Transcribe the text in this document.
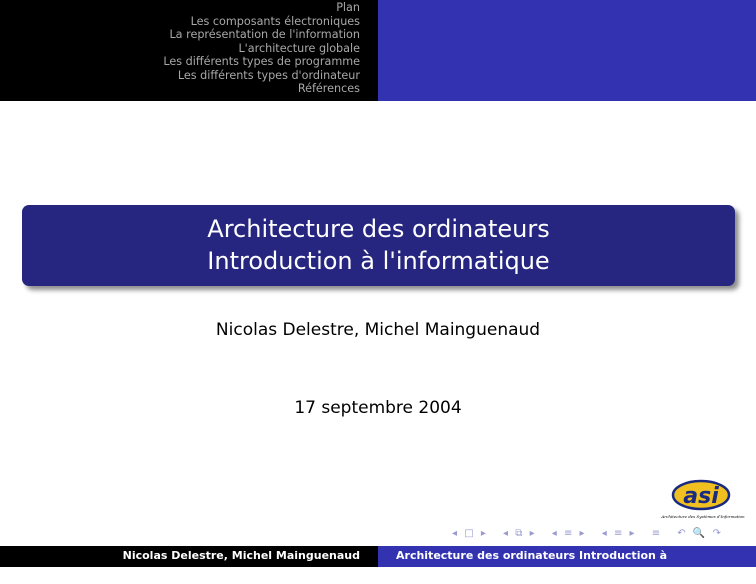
Plan
Les composants électroniques
La représentation de l'information
L'architecture globale
Les différents types de programme
Les différents types d'ordinateur
Références
Architecture des ordinateurs
Introduction à l'informatique
Nicolas Delestre, Michel Mainguenaud
17 septembre 2004
asi
Architecture des Systèmes d'Information
◂ □ ▸ ◂ ⧉ ▸ ◂ ≡ ▸ ◂ ≡ ▸ ≡ ↶ 🔍 ↷
Nicolas Delestre, Michel Mainguenaud	Architecture des ordinateurs Introduction à l'informatique
